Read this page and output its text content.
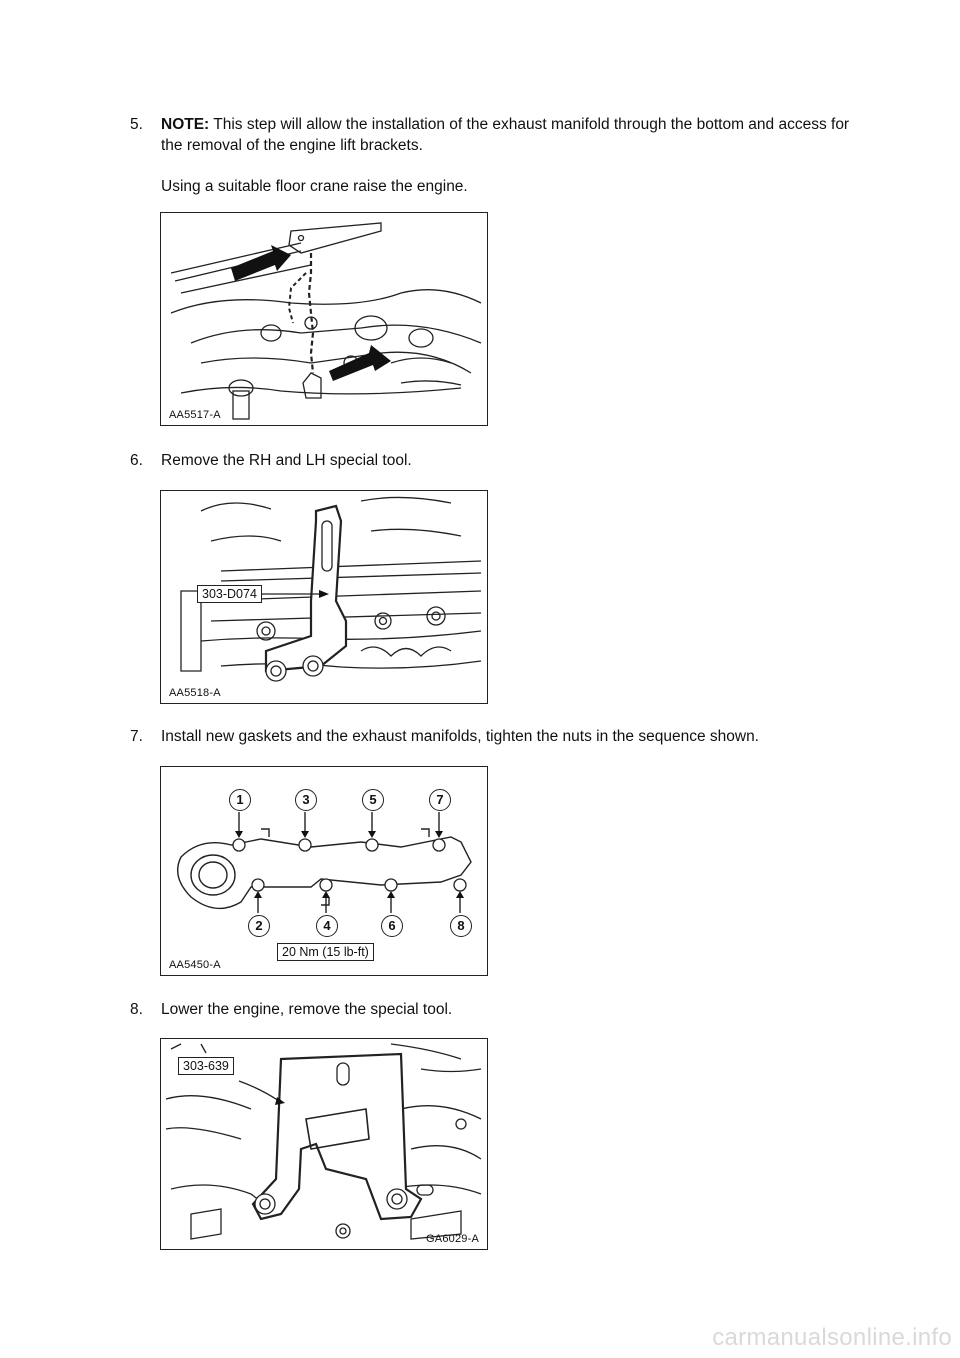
5.	NOTE: This step will allow the installation of the exhaust manifold through the bottom and access for the removal of the engine lift brackets.
Using a suitable floor crane raise the engine.
AA5517-A
6.	Remove the RH and LH special tool.
303-D074
AA5518-A
7.	Install new gaskets and the exhaust manifolds, tighten the nuts in the sequence shown.
1	3	5	7
2	4	6	8
20 Nm (15 lb-ft)
AA5450-A
8.	Lower the engine, remove the special tool.
303-639
GA6029-A
carmanualsonline.info
